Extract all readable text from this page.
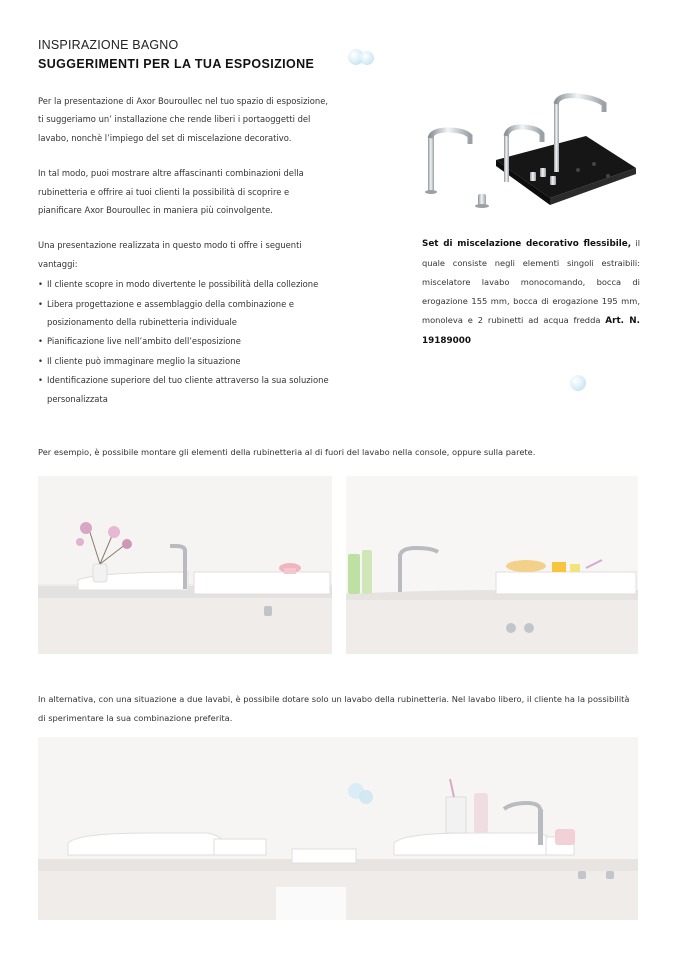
INSPIRAZIONE BAGNO
SUGGERIMENTI PER LA TUA ESPOSIZIONE

Per la presentazione di Axor Bouroullec nel tuo spazio di esposizione, ti suggeriamo un’ installazione che rende liberi i portaoggetti del lavabo, nonchè l’impiego del set di miscelazione decorativo.

In tal modo, puoi mostrare altre affascinanti combinazioni della rubinetteria e offrire ai tuoi clienti la possibilità di scoprire e pianificare Axor Bouroullec in maniera più coinvolgente.

Una presentazione realizzata in questo modo ti offre i seguenti vantaggi:

• Il cliente scopre in modo divertente le possibilità della collezione
• Libera progettazione e assemblaggio della combinazione e posizionamento della rubinetteria individuale
• Pianificazione live nell’ambito dell’esposizione
• Il cliente può immaginare meglio la situazione
• Identificazione superiore del tuo cliente attraverso la sua soluzione personalizzata
Set di miscelazione decorativo flessibile, il quale consiste negli elementi singoli estraibili: miscelatore lavabo monocomando, bocca di erogazione 155 mm, bocca di erogazione 195 mm, monoleva e 2 rubinetti ad acqua fredda Art. N. 19189000
Per esempio, è possibile montare gli elementi della rubinetteria al di fuori del lavabo nella console, oppure sulla parete.
In alternativa, con una situazione a due lavabi, è possibile dotare solo un lavabo della rubinetteria. Nel lavabo libero, il cliente ha la possibilità di sperimentare la sua combinazione preferita.
